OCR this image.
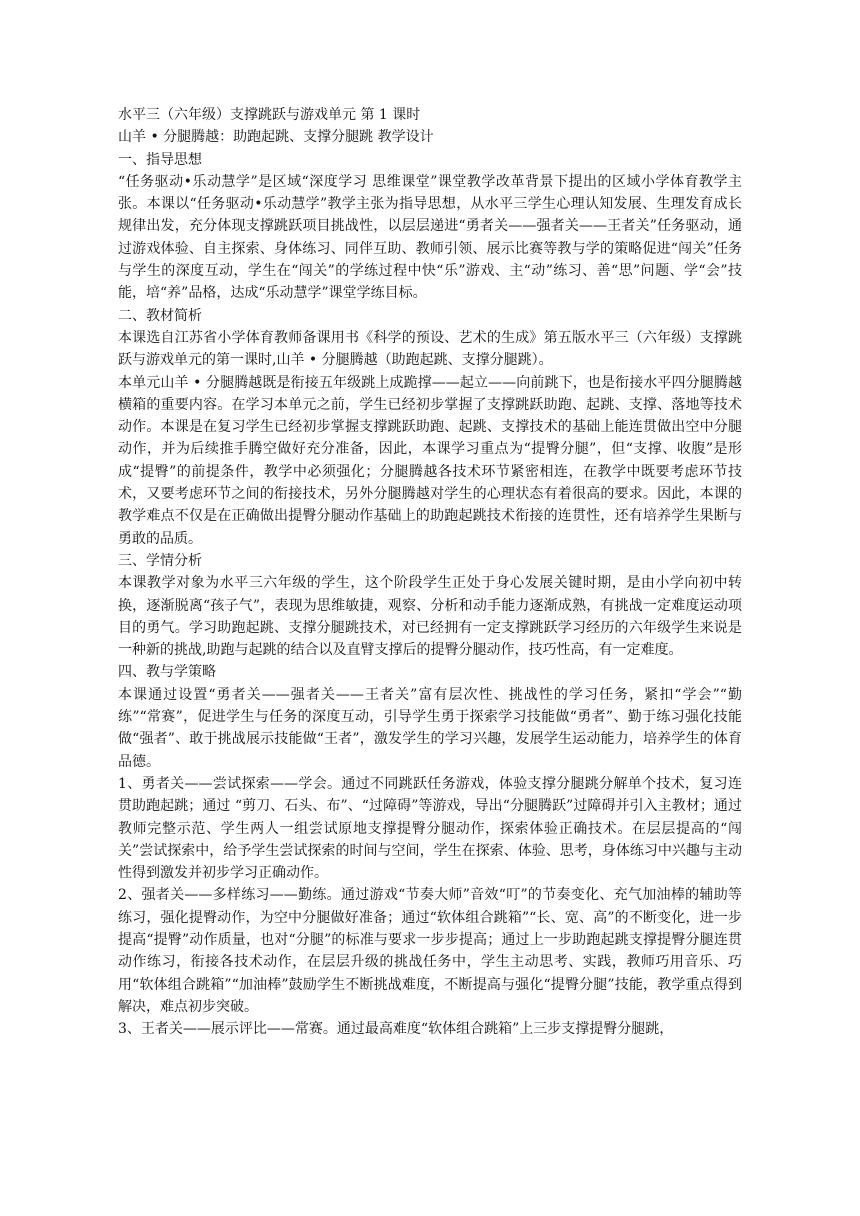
水平三（六年级）支撑跳跃与游戏单元 第 1 课时

山羊 • 分腿腾越：助跑起跳、支撑分腿跳 教学设计

一、指导思想

“任务驱动•乐动慧学”是区域“深度学习 思维课堂”课堂教学改革背景下提出的区域小学体育教学主张。本课以“任务驱动•乐动慧学”教学主张为指导思想，从水平三学生心理认知发展、生理发育成长规律出发，充分体现支撑跳跃项目挑战性，以层层递进“勇者关——强者关——王者关”任务驱动，通过游戏体验、自主探索、身体练习、同伴互助、教师引领、展示比赛等教与学的策略促进“闯关”任务与学生的深度互动，学生在“闯关”的学练过程中快“乐”游戏、主“动”练习、善“思”问题、学“会”技能，培“养”品格，达成“乐动慧学”课堂学练目标。

二、教材简析

本课选自江苏省小学体育教师备课用书《科学的预设、艺术的生成》第五版水平三（六年级）支撑跳跃与游戏单元的第一课时,山羊 • 分腿腾越（助跑起跳、支撑分腿跳）。

本单元山羊 • 分腿腾越既是衔接五年级跳上成跪撑——起立——向前跳下，也是衔接水平四分腿腾越横箱的重要内容。在学习本单元之前，学生已经初步掌握了支撑跳跃助跑、起跳、支撑、落地等技术动作。本课是在复习学生已经初步掌握支撑跳跃助跑、起跳、支撑技术的基础上能连贯做出空中分腿动作，并为后续推手腾空做好充分准备，因此，本课学习重点为“提臀分腿”，但“支撑、收腹”是形成“提臀”的前提条件，教学中必须强化；分腿腾越各技术环节紧密相连，在教学中既要考虑环节技术，又要考虑环节之间的衔接技术，另外分腿腾越对学生的心理状态有着很高的要求。因此，本课的教学难点不仅是在正确做出提臀分腿动作基础上的助跑起跳技术衔接的连贯性，还有培养学生果断与勇敢的品质。

三、学情分析

本课教学对象为水平三六年级的学生，这个阶段学生正处于身心发展关键时期，是由小学向初中转换，逐渐脱离“孩子气”，表现为思维敏捷，观察、分析和动手能力逐渐成熟，有挑战一定难度运动项目的勇气。学习助跑起跳、支撑分腿跳技术，对已经拥有一定支撑跳跃学习经历的六年级学生来说是一种新的挑战,助跑与起跳的结合以及直臂支撑后的提臀分腿动作，技巧性高，有一定难度。

四、教与学策略

本课通过设置“勇者关——强者关——王者关”富有层次性、挑战性的学习任务，紧扣“学会”“勤练”“常赛”，促进学生与任务的深度互动，引导学生勇于探索学习技能做“勇者”、勤于练习强化技能做“强者”、敢于挑战展示技能做“王者”，激发学生的学习兴趣，发展学生运动能力，培养学生的体育品德。

1、勇者关——尝试探索——学会。通过不同跳跃任务游戏，体验支撑分腿跳分解单个技术，复习连贯助跑起跳；通过 “剪刀、石头、布”、“过障碍”等游戏，导出“分腿腾跃”过障碍并引入主教材；通过教师完整示范、学生两人一组尝试原地支撑提臀分腿动作，探索体验正确技术。在层层提高的“闯关”尝试探索中，给予学生尝试探索的时间与空间，学生在探索、体验、思考，身体练习中兴趣与主动性得到激发并初步学习正确动作。

2、强者关——多样练习——勤练。通过游戏“节奏大师”音效“叮”的节奏变化、充气加油棒的辅助等练习，强化提臀动作，为空中分腿做好准备；通过“软体组合跳箱”“长、宽、高”的不断变化，进一步提高“提臀”动作质量，也对“分腿”的标准与要求一步步提高；通过上一步助跑起跳支撑提臀分腿连贯动作练习，衔接各技术动作，在层层升级的挑战任务中，学生主动思考、实践，教师巧用音乐、巧用“软体组合跳箱”“加油棒”鼓励学生不断挑战难度，不断提高与强化“提臀分腿”技能，教学重点得到解决，难点初步突破。

3、王者关——展示评比——常赛。通过最高难度“软体组合跳箱”上三步支撑提臀分腿跳，
